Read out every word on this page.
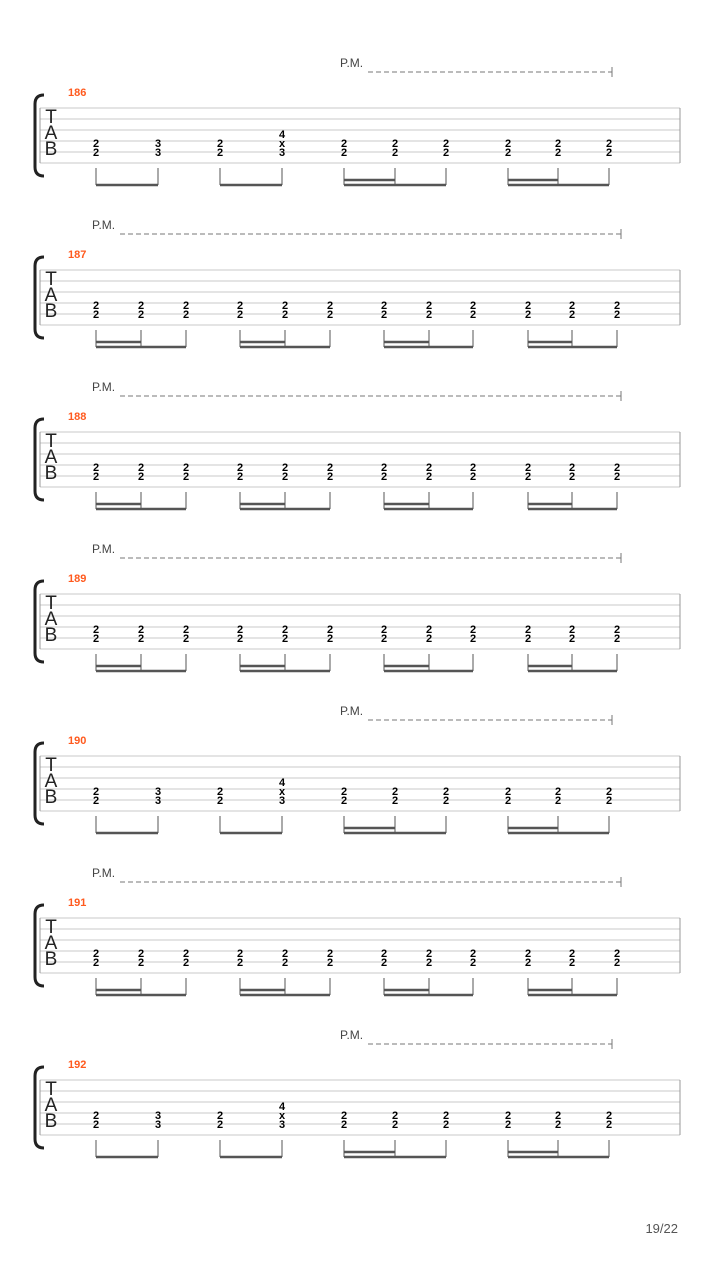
P.M.
186
T
A
B	2
2
3
3
2
2
4
x
3
2
2
2
2
2
2
2
2
2
2
2
2
P.M.
187
T
A
B	2
2
2
2
2
2
2
2
2
2
2
2
2
2
2
2
2
2
2
2
2
2
2
2
P.M.
188
T
A
B	2
2
2
2
2
2
2
2
2
2
2
2
2
2
2
2
2
2
2
2
2
2
2
2
P.M.
189
T
A
B	2
2
2
2
2
2
2
2
2
2
2
2
2
2
2
2
2
2
2
2
2
2
2
2
P.M.
190
T
A
B	2
2
3
3
2
2
4
x
3
2
2
2
2
2
2
2
2
2
2
2
2
P.M.
191
T
A
B	2
2
2
2
2
2
2
2
2
2
2
2
2
2
2
2
2
2
2
2
2
2
2
2
P.M.
192
T
A
B	2
2
3
3
2
2
4
x
3
2
2
2
2
2
2
2
2
2
2
2
2
19/22
